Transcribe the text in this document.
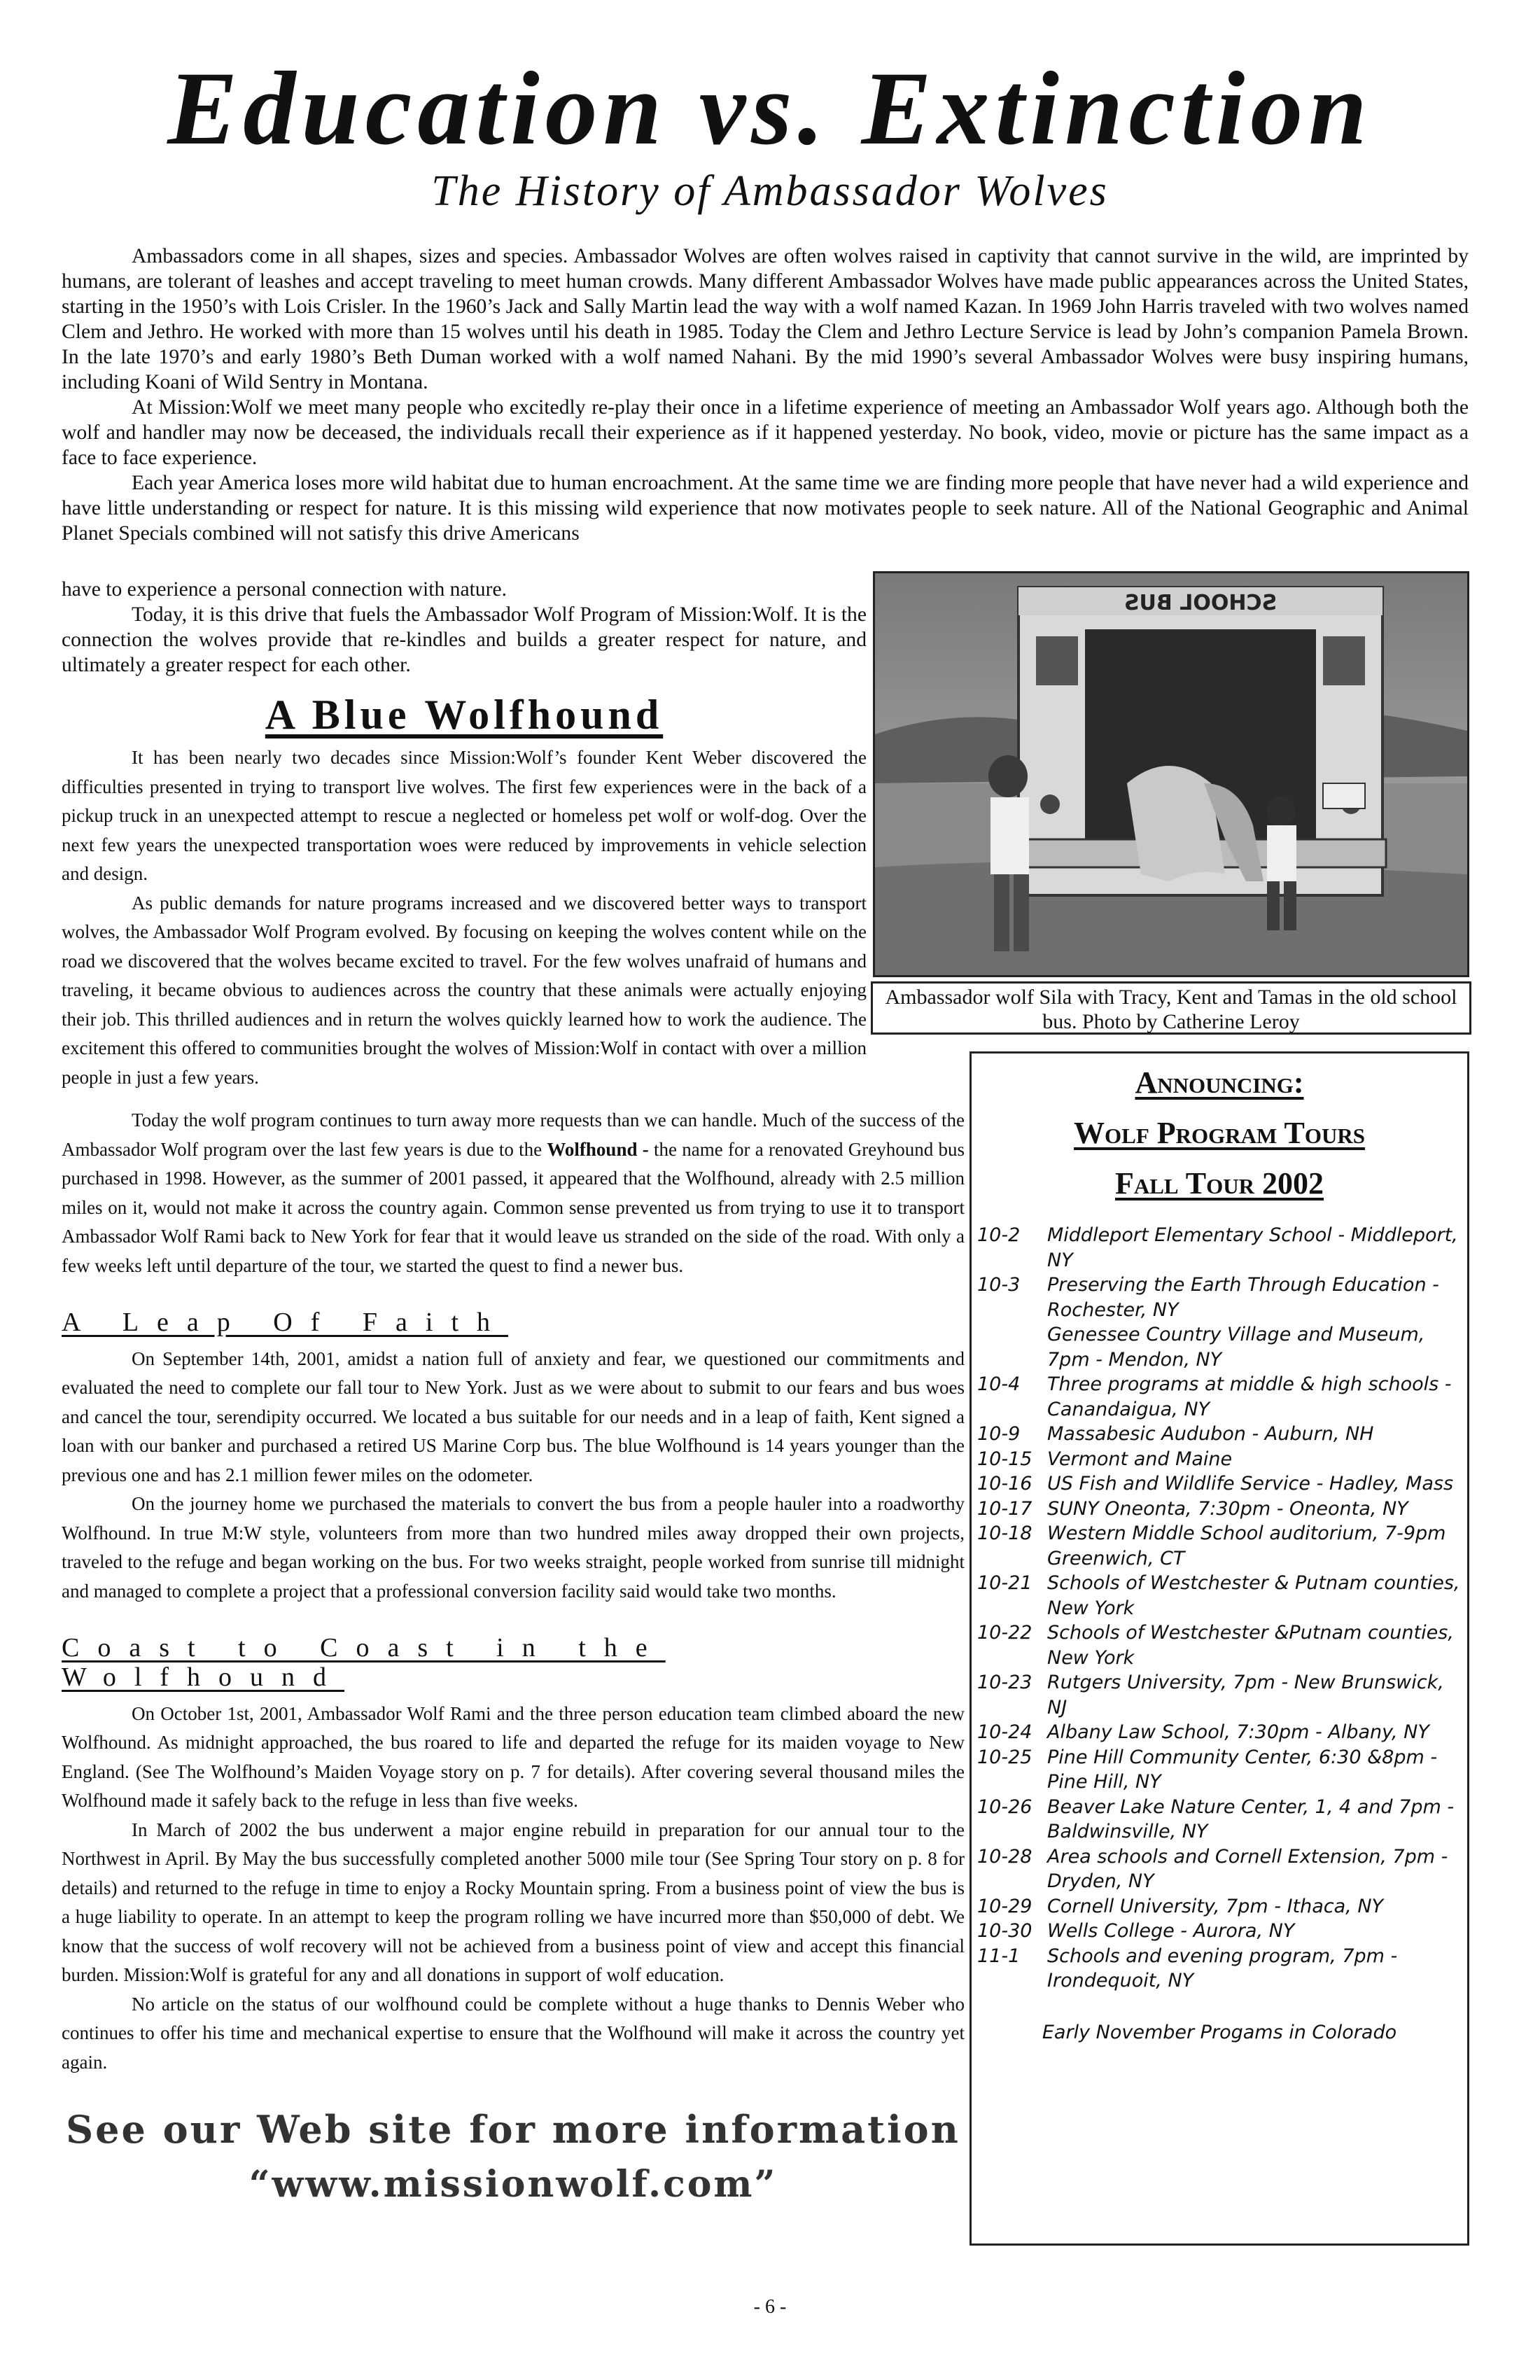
Education vs. Extinction
The History of Ambassador Wolves

Ambassadors come in all shapes, sizes and species. Ambassador Wolves are often wolves raised in captivity that cannot survive in the wild, are imprinted by humans, are tolerant of leashes and accept traveling to meet human crowds. Many different Ambassador Wolves have made public appearances across the United States, starting in the 1950’s with Lois Crisler. In the 1960’s Jack and Sally Martin lead the way with a wolf named Kazan. In 1969 John Harris traveled with two wolves named Clem and Jethro. He worked with more than 15 wolves until his death in 1985. Today the Clem and Jethro Lecture Service is lead by John’s companion Pamela Brown. In the late 1970’s and early 1980’s Beth Duman worked with a wolf named Nahani. By the mid 1990’s several Ambassador Wolves were busy inspiring humans, including Koani of Wild Sentry in Montana.

At Mission:Wolf we meet many people who excitedly re-play their once in a lifetime experience of meeting an Ambassador Wolf years ago. Although both the wolf and handler may now be deceased, the individuals recall their experience as if it happened yesterday. No book, video, movie or picture has the same impact as a face to face experience.

Each year America loses more wild habitat due to human encroachment. At the same time we are finding more people that have never had a wild experience and have little understanding or respect for nature. It is this missing wild experience that now motivates people to seek nature. All of the National Geographic and Animal Planet Specials combined will not satisfy this drive Americans

have to experience a personal connection with nature.

Today, it is this drive that fuels the Ambassador Wolf Program of Mission:Wolf. It is the connection the wolves provide that re-kindles and builds a greater respect for nature, and ultimately a greater respect for each other.

A Blue Wolfhound

It has been nearly two decades since Mission:Wolf’s founder Kent Weber discovered the difficulties presented in trying to transport live wolves. The first few experiences were in the back of a pickup truck in an unexpected attempt to rescue a neglected or homeless pet wolf or wolf-dog. Over the next few years the unexpected transportation woes were reduced by improvements in vehicle selection and design.

As public demands for nature programs increased and we discovered better ways to transport wolves, the Ambassador Wolf Program evolved. By focusing on keeping the wolves content while on the road we discovered that the wolves became excited to travel. For the few wolves unafraid of humans and traveling, it became obvious to audiences across the country that these animals were actually enjoying their job. This thrilled audiences and in return the wolves quickly learned how to work the audience. The excitement this offered to communities brought the wolves of Mission:Wolf in contact with over a million people in just a few years.

Today the wolf program continues to turn away more requests than we can handle. Much of the success of the Ambassador Wolf program over the last few years is due to the Wolfhound - the name for a renovated Greyhound bus purchased in 1998. However, as the summer of 2001 passed, it appeared that the Wolfhound, already with 2.5 million miles on it, would not make it across the country again. Common sense prevented us from trying to use it to transport Ambassador Wolf Rami back to New York for fear that it would leave us stranded on the side of the road. With only a few weeks left until departure of the tour, we started the quest to find a newer bus.

A Leap Of Faith

On September 14th, 2001, amidst a nation full of anxiety and fear, we questioned our commitments and evaluated the need to complete our fall tour to New York. Just as we were about to submit to our fears and bus woes and cancel the tour, serendipity occurred. We located a bus suitable for our needs and in a leap of faith, Kent signed a loan with our banker and purchased a retired US Marine Corp bus. The blue Wolfhound is 14 years younger than the previous one and has 2.1 million fewer miles on the odometer.

On the journey home we purchased the materials to convert the bus from a people hauler into a roadworthy Wolfhound. In true M:W style, volunteers from more than two hundred miles away dropped their own projects, traveled to the refuge and began working on the bus. For two weeks straight, people worked from sunrise till midnight and managed to complete a project that a professional conversion facility said would take two months.

Coast to Coast in the Wolfhound

On October 1st, 2001, Ambassador Wolf Rami and the three person education team climbed aboard the new Wolfhound. As midnight approached, the bus roared to life and departed the refuge for its maiden voyage to New England. (See The Wolfhound’s Maiden Voyage story on p. 7 for details). After covering several thousand miles the Wolfhound made it safely back to the refuge in less than five weeks.

In March of 2002 the bus underwent a major engine rebuild in preparation for our annual tour to the Northwest in April. By May the bus successfully completed another 5000 mile tour (See Spring Tour story on p. 8 for details) and returned to the refuge in time to enjoy a Rocky Mountain spring. From a business point of view the bus is a huge liability to operate. In an attempt to keep the program rolling we have incurred more than $50,000 of debt. We know that the success of wolf recovery will not be achieved from a business point of view and accept this financial burden. Mission:Wolf is grateful for any and all donations in support of wolf education.

No article on the status of our wolfhound could be complete without a huge thanks to Dennis Weber who continues to offer his time and mechanical expertise to ensure that the Wolfhound will make it across the country yet again.

SCHOOL BUS
Ambassador wolf Sila with Tracy, Kent and Tamas in the old school bus. Photo by Catherine Leroy
Announcing:
Wolf Program Tours
Fall Tour 2002
10-2	Middleport Elementary School - Middleport, NY
10-3	Preserving the Earth Through Education - Rochester, NY
Genessee Country Village and Museum, 7pm - Mendon, NY
10-4	Three programs at middle & high schools - Canandaigua, NY
10-9	Massabesic Audubon - Auburn, NH
10-15 Vermont and Maine
10-16 US Fish and Wildlife Service - Hadley, Mass
10-17 SUNY Oneonta, 7:30pm - Oneonta, NY
10-18 Western Middle School auditorium, 7-9pm Greenwich, CT
10-21 Schools of Westchester & Putnam counties, New York
10-22 Schools of Westchester &Putnam counties, New York
10-23 Rutgers University, 7pm - New Brunswick, NJ
10-24 Albany Law School, 7:30pm - Albany, NY
10-25 Pine Hill Community Center, 6:30 &8pm - Pine Hill, NY
10-26 Beaver Lake Nature Center, 1, 4 and 7pm - Baldwinsville, NY
10-28 Area schools and Cornell Extension, 7pm - Dryden, NY
10-29 Cornell University, 7pm - Ithaca, NY
10-30 Wells College - Aurora, NY
11-1	Schools and evening program, 7pm - Irondequoit, NY
Early November Progams in Colorado
See our Web site for more information
“www.missionwolf.com”
- 6 -
